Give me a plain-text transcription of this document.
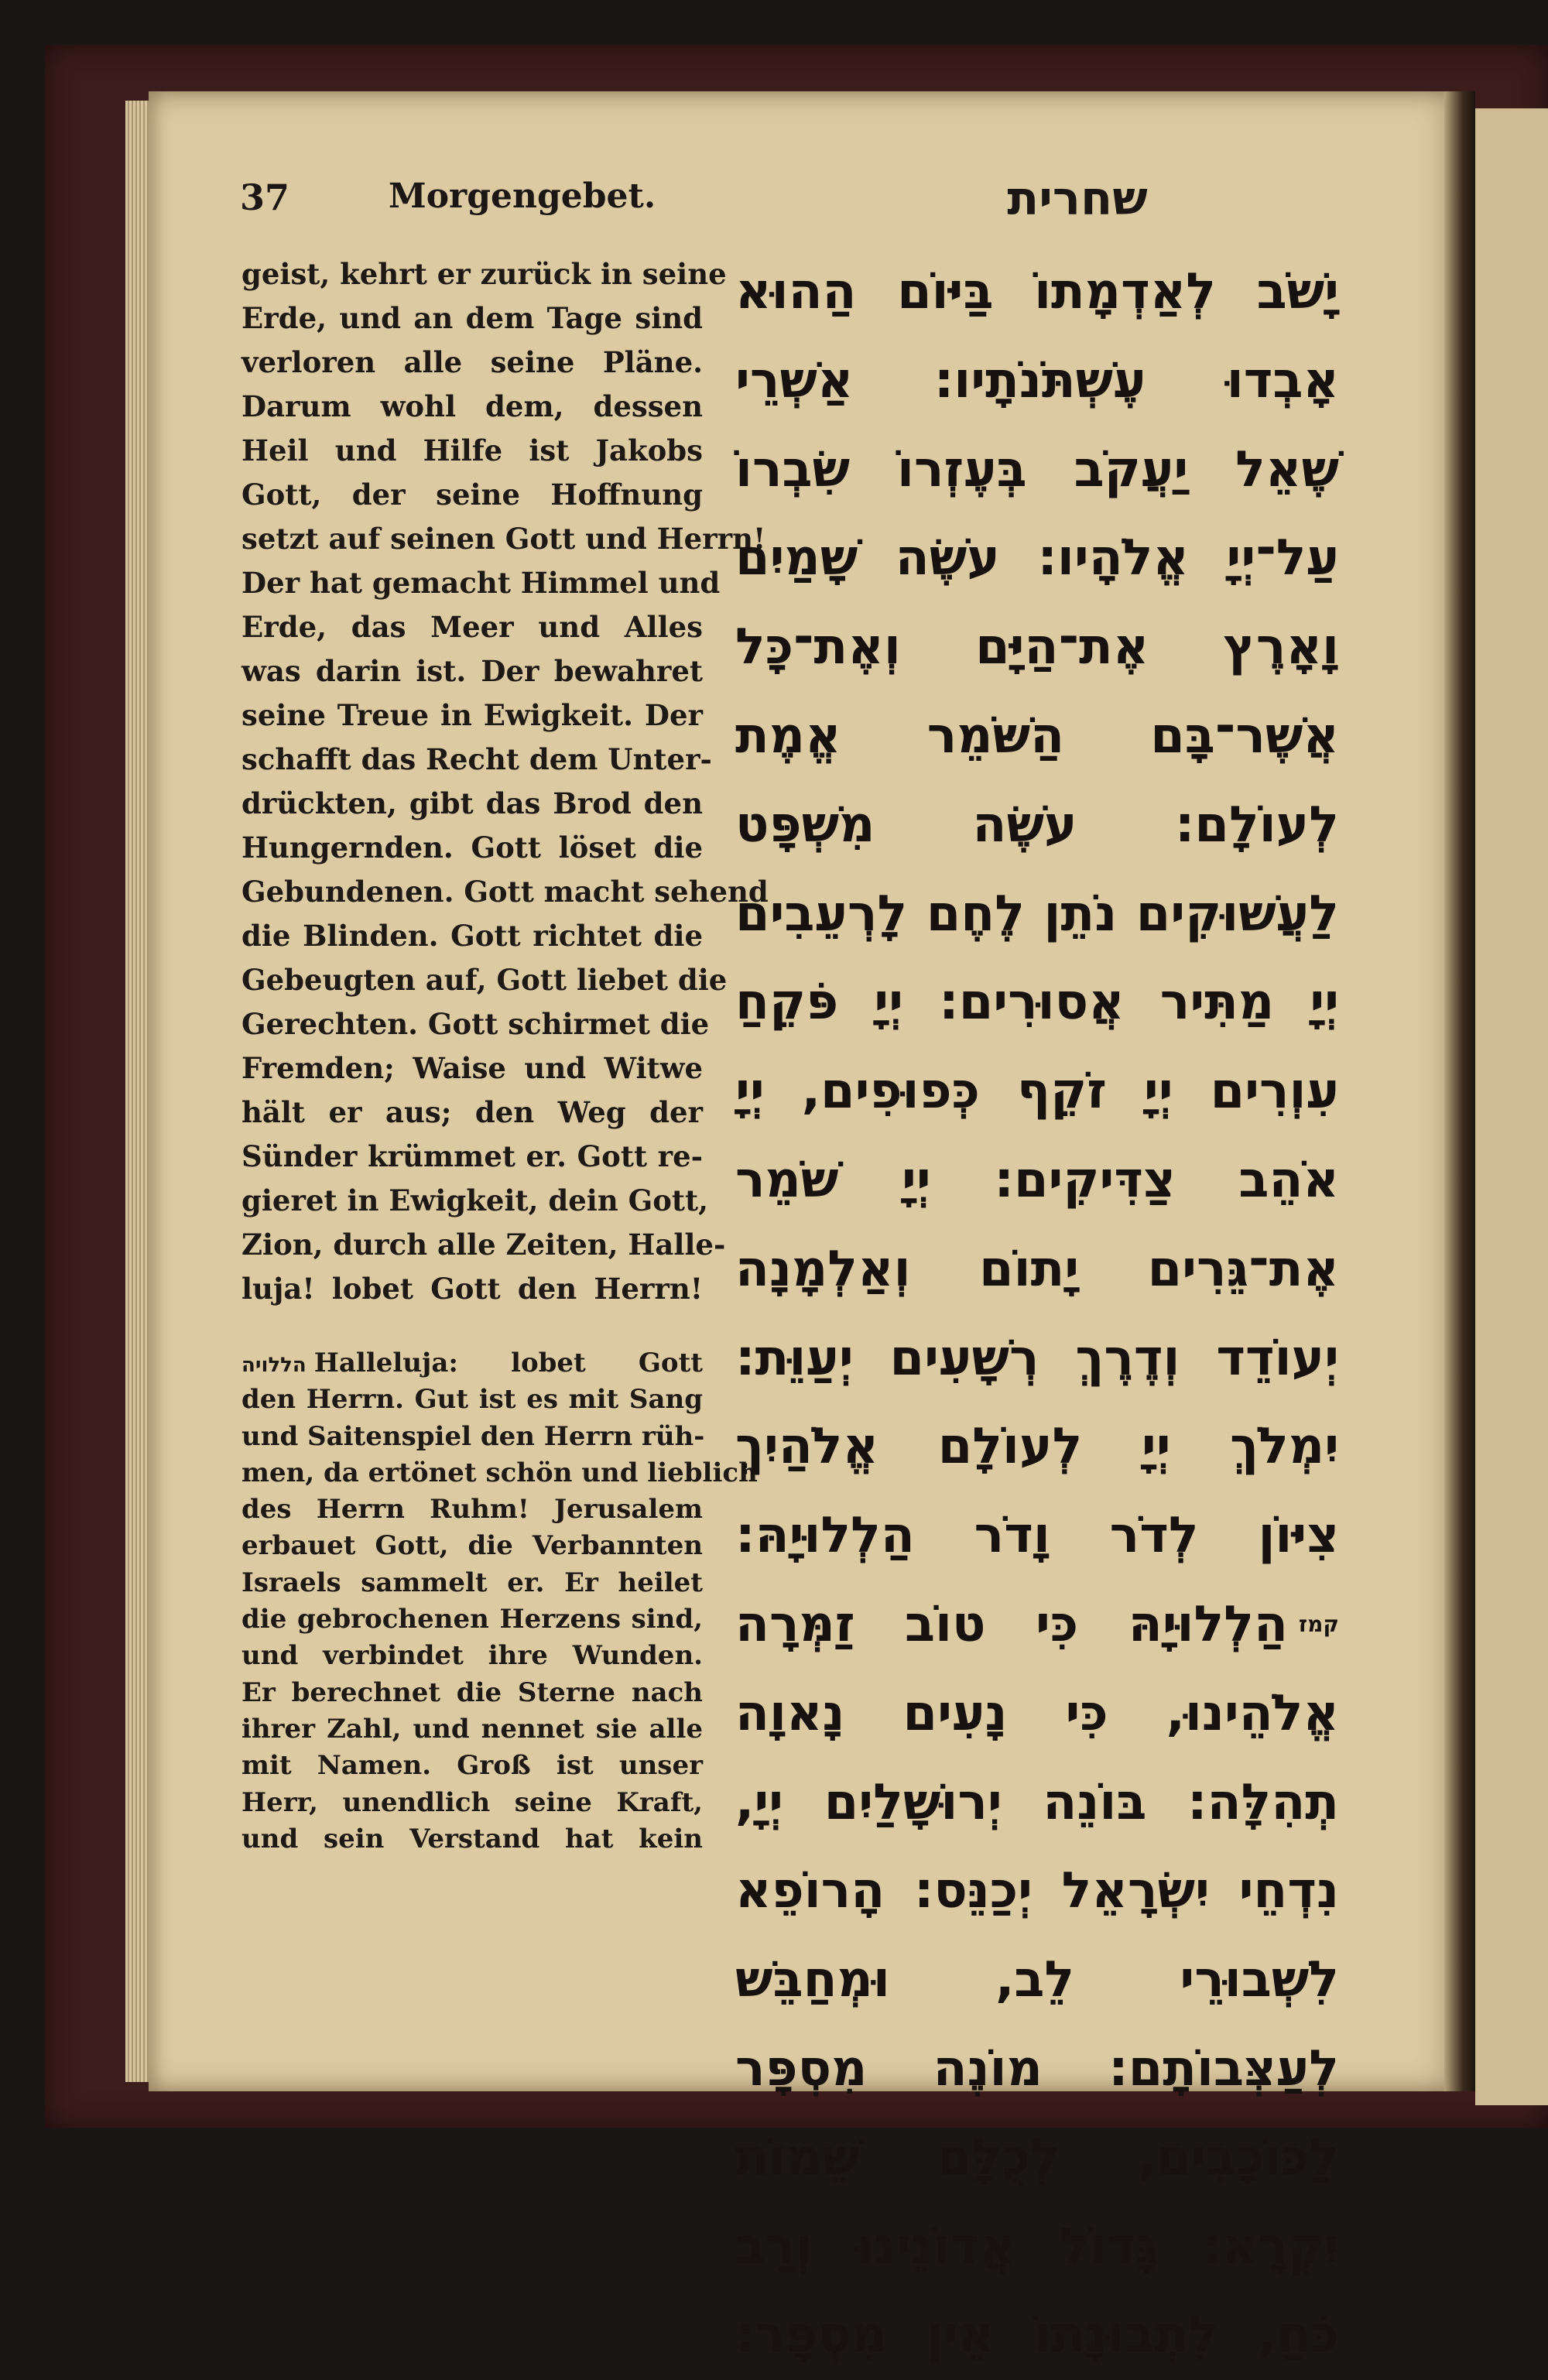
37	Morgengebet.	שחרית
geist, kehrt er zurück in seine
Erde, und an dem Tage sind
verloren alle seine Pläne.
Darum wohl dem, dessen
Heil und Hilfe ist Jakobs
Gott, der seine Hoffnung
setzt auf seinen Gott und Herrn!
Der hat gemacht Himmel und
Erde, das Meer und Alles
was darin ist. Der bewahret
seine Treue in Ewigkeit. Der
schafft das Recht dem Unter-
drückten, gibt das Brod den
Hungernden. Gott löset die
Gebundenen. Gott macht sehend
die Blinden. Gott richtet die
Gebeugten auf, Gott liebet die
Gerechten. Gott schirmet die
Fremden; Waise und Witwe
hält er aus; den Weg der
Sünder krümmet er. Gott re-
gieret in Ewigkeit, dein Gott,
Zion, durch alle Zeiten, Halle-
luja! lobet Gott den Herrn!
הללויה Halleluja: lobet Gott
den Herrn. Gut ist es mit Sang
und Saitenspiel den Herrn rüh-
men, da ertönet schön und lieblich
des Herrn Ruhm! Jerusalem
erbauet Gott, die Verbannten
Israels sammelt er. Er heilet
die gebrochenen Herzens sind,
und verbindet ihre Wunden.
Er berechnet die Sterne nach
ihrer Zahl, und nennet sie alle
mit Namen. Groß ist unser
Herr, unendlich seine Kraft,
und sein Verstand hat kein
יָשֹׁב לְאַדְמָתוֹ בַּיּוֹם הַהוּא
אָבְדוּ עֶשְׁתֹּנֹתָיו: אַשְׁרֵי
שֶׁאֵל יַעֲקֹב בְּעֶזְרוֹ שִׂבְרוֹ
עַל־יְיָ אֱלֹהָיו: עֹשֶׂה שָׁמַיִם
וָאָרֶץ אֶת־הַיָּם וְאֶת־כָּל
אֲשֶׁר־בָּם הַשֹּׁמֵר אֱמֶת
לְעוֹלָם: עֹשֶׂה מִשְׁפָּט
לַעֲשׁוּקִים נֹתֵן לֶחֶם לָרְעֵבִים
יְיָ מַתִּיר אֲסוּרִים: יְיָ פֹּקֵחַ
עִוְרִים יְיָ זֹקֵף כְּפוּפִים, יְיָ
אֹהֵב צַדִּיקִים: יְיָ שֹׁמֵר
אֶת־גֵּרִים יָתוֹם וְאַלְמָנָה
יְעוֹדֵד וְדֶרֶךְ רְשָׁעִים יְעַוֵּת:
יִמְלֹךְ יְיָ לְעוֹלָם אֱלֹהַיִךְ
צִיּוֹן לְדֹר וָדֹר הַלְלוּיָהּ:
$^{קמז}$הַלְלוּיָהּ כִּי טוֹב זַמְּרָה
אֱלֹהֵינוּ, כִּי נָעִים נָאוָה
תְהִלָּה: בּוֹנֵה יְרוּשָׁלַיִם יְיָ,
נִדְחֵי יִשְׂרָאֵל יְכַנֵּס: הָרוֹפֵא
לִשְׁבוּרֵי לֵב, וּמְחַבֵּשׁ
לְעַצְּבוֹתָם: מוֹנֶה מִסְפָּר
לַכּוֹכָבִים, לְכֻלָּם שֵׁמוֹת
יִקְרָא: גָּדוֹל אֲדוֹנֵינוּ וְרַב
כֹּחַ, לִתְבוּנָתוֹ אֵין מִסְפָּר:
